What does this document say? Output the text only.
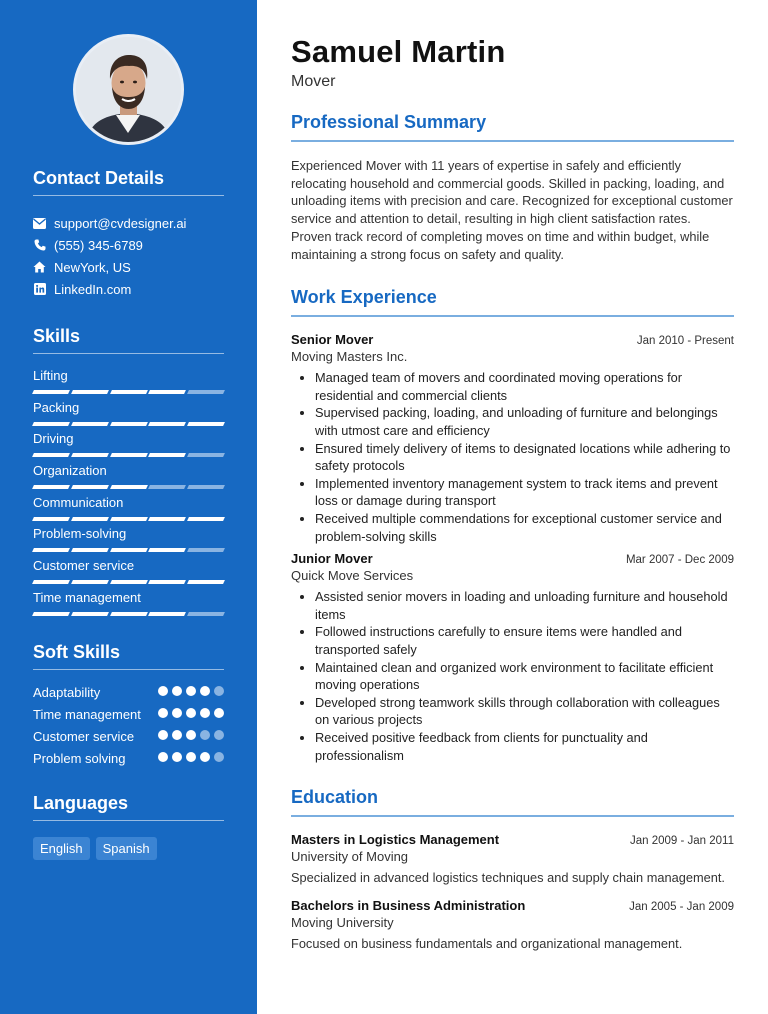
Contact Details
support@cvdesigner.ai
(555) 345-6789
NewYork, US
LinkedIn.com
Skills
Lifting
Packing
Driving
Organization
Communication
Problem-solving
Customer service
Time management
Soft Skills
Adaptability
Time management
Customer service
Problem solving
Languages
English	Spanish
Samuel Martin
Mover
Professional Summary

Experienced Mover with 11 years of expertise in safely and efficiently relocating household and commercial goods. Skilled in packing, loading, and unloading items with precision and care. Recognized for exceptional customer service and attention to detail, resulting in high client satisfaction rates. Proven track record of completing moves on time and within budget, while maintaining a strong focus on safety and quality.

Work Experience
Senior Mover	Jan 2010 - Present
Moving Masters Inc.
• Managed team of movers and coordinated moving operations for residential and commercial clients
• Supervised packing, loading, and unloading of furniture and belongings with utmost care and efficiency
• Ensured timely delivery of items to designated locations while adhering to safety protocols
• Implemented inventory management system to track items and prevent loss or damage during transport
• Received multiple commendations for exceptional customer service and problem-solving skills
Junior Mover	Mar 2007 - Dec 2009
Quick Move Services
• Assisted senior movers in loading and unloading furniture and household items
• Followed instructions carefully to ensure items were handled and transported safely
• Maintained clean and organized work environment to facilitate efficient moving operations
• Developed strong teamwork skills through collaboration with colleagues on various projects
• Received positive feedback from clients for punctuality and professionalism
Education
Masters in Logistics Management	Jan 2009 - Jan 2011
University of Moving
Specialized in advanced logistics techniques and supply chain management.
Bachelors in Business Administration	Jan 2005 - Jan 2009
Moving University
Focused on business fundamentals and organizational management.
